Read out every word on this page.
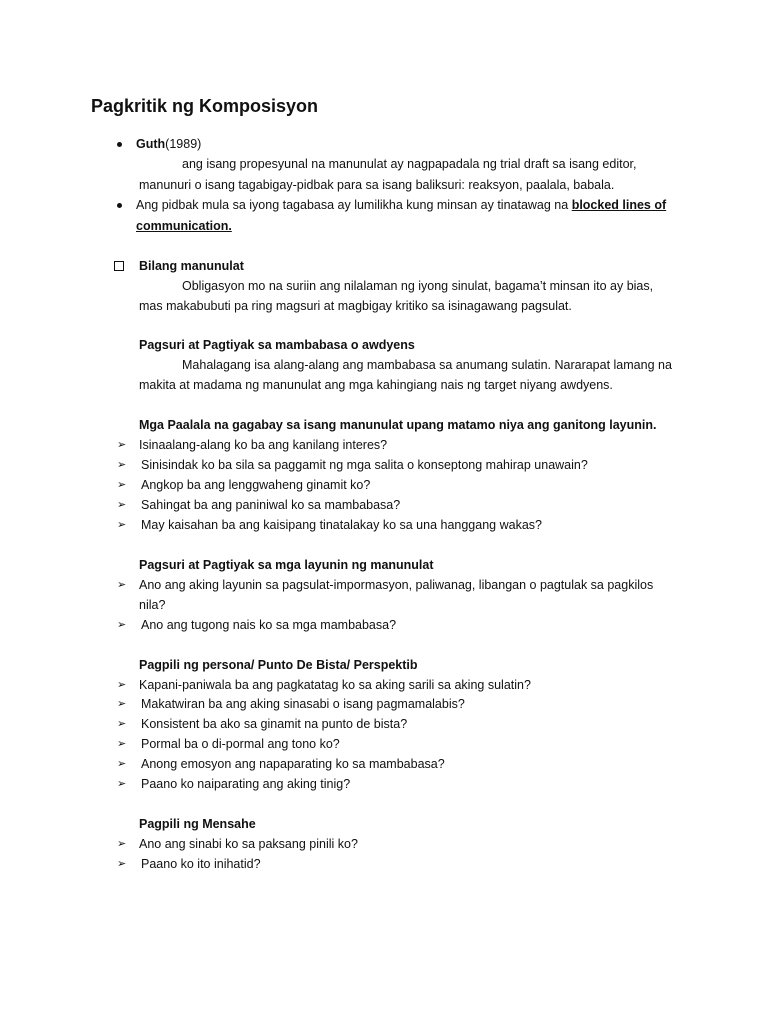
Pagkritik ng Komposisyon
Guth(1989)
ang isang propesyunal na manunulat ay nagpapadala ng trial draft sa isang editor,
manunuri o isang tagabigay-pidbak para sa isang baliksuri: reaksyon, paalala, babala.
Ang pidbak mula sa iyong tagabasa ay lumilikha kung minsan ay tinatawag na blocked lines of
communication.
Bilang manunulat
Obligasyon mo na suriin ang nilalaman ng iyong sinulat, bagama’t minsan ito ay bias,
mas makabubuti pa ring magsuri at magbigay kritiko sa isinagawang pagsulat.
Pagsuri at Pagtiyak sa mambabasa o awdyens
Mahalagang isa alang-alang ang mambabasa sa anumang sulatin. Nararapat lamang na
makita at madama ng manunulat ang mga kahingiang nais ng target niyang awdyens.
Mga Paalala na gagabay sa isang manunulat upang matamo niya ang ganitong layunin.
➢ Isinaalang-alang ko ba ang kanilang interes?
➢ Sinisindak ko ba sila sa paggamit ng mga salita o konseptong mahirap unawain?
➢ Angkop ba ang lenggwaheng ginamit ko?
➢ Sahingat ba ang paniniwal ko sa mambabasa?
➢ May kaisahan ba ang kaisipang tinatalakay ko sa una hanggang wakas?
Pagsuri at Pagtiyak sa mga layunin ng manunulat
➢ Ano ang aking layunin sa pagsulat-impormasyon, paliwanag, libangan o pagtulak sa pagkilos
nila?
➢ Ano ang tugong nais ko sa mga mambabasa?
Pagpili ng persona/ Punto De Bista/ Perspektib
➢ Kapani-paniwala ba ang pagkatatag ko sa aking sarili sa aking sulatin?
➢ Makatwiran ba ang aking sinasabi o isang pagmamalabis?
➢ Konsistent ba ako sa ginamit na punto de bista?
➢ Pormal ba o di-pormal ang tono ko?
➢ Anong emosyon ang napaparating ko sa mambabasa?
➢ Paano ko naiparating ang aking tinig?
Pagpili ng Mensahe
➢ Ano ang sinabi ko sa paksang pinili ko?
➢ Paano ko ito inihatid?
